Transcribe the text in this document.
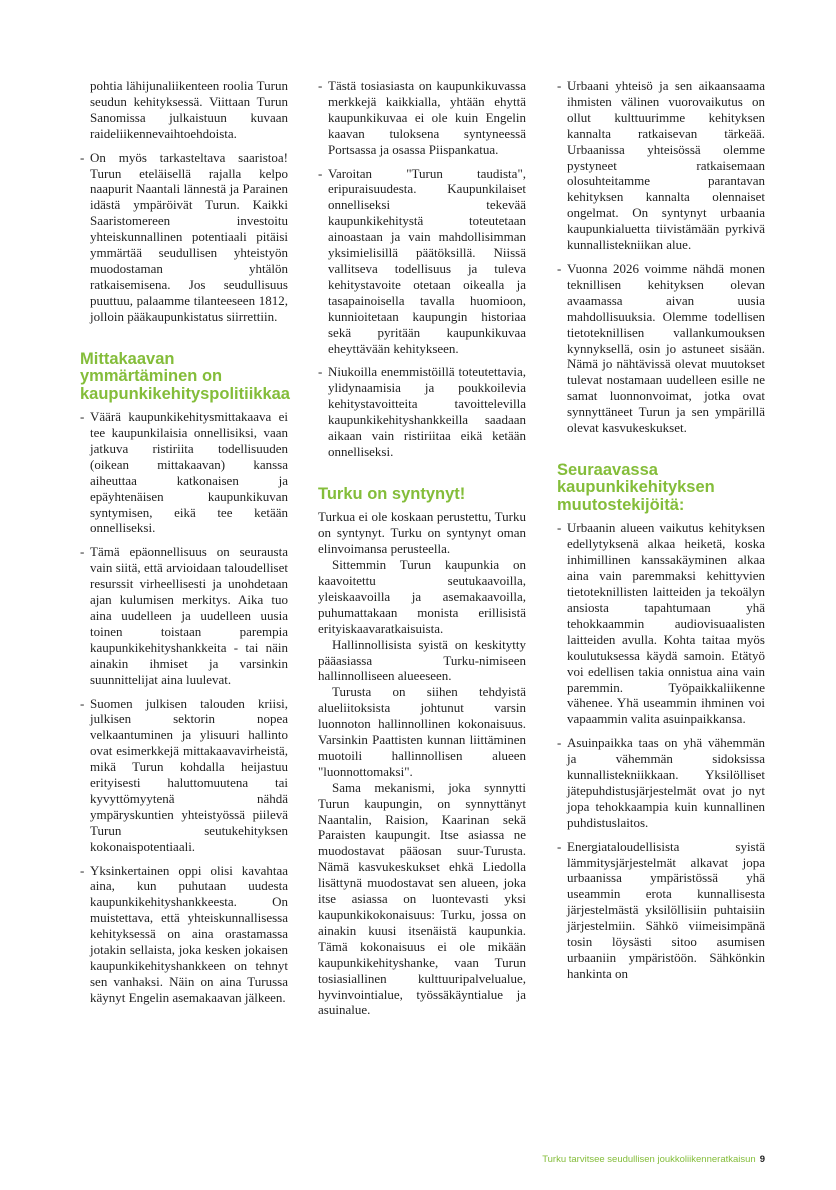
pohtia lähijunaliikenteen roolia Turun seudun kehityksessä. Viittaan Turun Sanomissa julkaistuun kuvaan raideliikennevaihtoehdoista.

- On myös tarkasteltava saaristoa! Turun eteläisellä rajalla kelpo naapurit Naantali lännestä ja Parainen idästä ympäröivät Turun. Kaikki Saaristomereen investoitu yhteiskunnallinen potentiaali pitäisi ymmärtää seudullisen yhteistyön muodostaman yhtälön ratkaisemisena. Jos seudullisuus puuttuu, palaamme tilanteeseen 1812, jolloin pääkaupunkistatus siirrettiin.
Mittakaavan ymmärtäminen on kaupunkikehityspolitiikkaa
- Väärä kaupunkikehitysmittakaava ei tee kaupunkilaisia onnellisiksi, vaan jatkuva ristiriita todellisuuden (oikean mittakaavan) kanssa aiheuttaa katkonaisen ja epäyhtenäisen kaupunkikuvan syntymisen, eikä tee ketään onnelliseksi.
- Tämä epäonnellisuus on seurausta vain siitä, että arvioidaan taloudelliset resurssit virheellisesti ja unohdetaan ajan kulumisen merkitys. Aika tuo aina uudelleen ja uudelleen uusia toinen toistaan parempia kaupunkikehityshankkeita - tai näin ainakin ihmiset ja varsinkin suunnittelijat aina luulevat.
- Suomen julkisen talouden kriisi, julkisen sektorin nopea velkaantuminen ja ylisuuri hallinto ovat esimerkkejä mittakaavavirheistä, mikä Turun kohdalla heijastuu erityisesti haluttomuutena tai kyvyttömyytenä nähdä ympäryskuntien yhteistyössä piilevä Turun seutukehityksen kokonaispotentiaali.
- Yksinkertainen oppi olisi kavahtaa aina, kun puhutaan uudesta kaupunkikehityshankkeesta. On muistettava, että yhteiskunnallisessa kehityksessä on aina orastamassa jotakin sellaista, joka kesken jokaisen kaupunkikehityshankkeen on tehnyt sen vanhaksi. Näin on aina Turussa käynyt Engelin asemakaavan jälkeen.
- Tästä tosiasiasta on kaupunkikuvassa merkkejä kaikkialla, yhtään ehyttä kaupunkikuvaa ei ole kuin Engelin kaavan tuloksena syntyneessä Portsassa ja osassa Piispankatua.
- Varoitan "Turun taudista", eripuraisuudesta. Kaupunkilaiset onnelliseksi tekevää kaupunkikehitystä toteutetaan ainoastaan ja vain mahdollisimman yksimielisillä päätöksillä. Niissä vallitseva todellisuus ja tuleva kehitystavoite otetaan oikealla ja tasapainoisella tavalla huomioon, kunnioitetaan kaupungin historiaa sekä pyritään kaupunkikuvaa eheyttävään kehitykseen.
- Niukoilla enemmistöillä toteutettavia, ylidynaamisia ja poukkoilevia kehitystavoitteita tavoittelevilla kaupunkikehityshankkeilla saadaan aikaan vain ristiriitaa eikä ketään onnelliseksi.
Turku on syntynyt!

Turkua ei ole koskaan perustettu, Turku on syntynyt. Turku on syntynyt oman elinvoimansa perusteella.

Sittemmin Turun kaupunkia on kaavoitettu seutukaavoilla, yleiskaavoilla ja asemakaavoilla, puhumattakaan monista erillisistä erityiskaavaratkaisuista.

Hallinnollisista syistä on keskitytty pääasiassa Turku-nimiseen hallinnolliseen alueeseen.

Turusta on siihen tehdyistä alueliitoksista johtunut varsin luonnoton hallinnollinen kokonaisuus. Varsinkin Paattisten kunnan liittäminen muotoili hallinnollisen alueen "luonnottomaksi".

Sama mekanismi, joka synnytti Turun kaupungin, on synnyttänyt Naantalin, Raision, Kaarinan sekä Paraisten kaupungit. Itse asiassa ne muodostavat pääosan suur-Turusta. Nämä kasvukeskukset ehkä Liedolla lisättynä muodostavat sen alueen, joka itse asiassa on luontevasti yksi kaupunkikokonaisuus: Turku, jossa on ainakin kuusi itsenäistä kaupunkia. Tämä kokonaisuus ei ole mikään kaupunkikehityshanke, vaan Turun tosiasiallinen kulttuuripalvelualue, hyvinvointialue, työssäkäyntialue ja asuinalue.

- Urbaani yhteisö ja sen aikaansaama ihmisten välinen vuorovaikutus on ollut kulttuurimme kehityksen kannalta ratkaisevan tärkeää. Urbaanissa yhteisössä olemme pystyneet ratkaisemaan olosuhteitamme parantavan kehityksen kannalta olennaiset ongelmat. On syntynyt urbaania kaupunkialuetta tiivistämään pyrkivä kunnallistekniikan alue.
- Vuonna 2026 voimme nähdä monen teknillisen kehityksen olevan avaamassa aivan uusia mahdollisuuksia. Olemme todellisen tietoteknillisen vallankumouksen kynnyksellä, osin jo astuneet sisään. Nämä jo nähtävissä olevat muutokset tulevat nostamaan uudelleen esille ne samat luonnonvoimat, jotka ovat synnyttäneet Turun ja sen ympärillä olevat kasvukeskukset.
Seuraavassa kaupunkikehityksen muutostekijöitä:
- Urbaanin alueen vaikutus kehityksen edellytyksenä alkaa heiketä, koska inhimillinen kanssakäyminen alkaa aina vain paremmaksi kehittyvien tietoteknillisten laitteiden ja tekoälyn ansiosta tapahtumaan yhä tehokkaammin audiovisuaalisten laitteiden avulla. Kohta taitaa myös koulutuksessa käydä samoin. Etätyö voi edellisen takia onnistua aina vain paremmin. Työpaikkaliikenne vähenee. Yhä useammin ihminen voi vapaammin valita asuinpaikkansa.
- Asuinpaikka taas on yhä vähemmän ja vähemmän sidoksissa kunnallistekniikkaan. Yksilölliset jätepuhdistusjärjestelmät ovat jo nyt jopa tehokkaampia kuin kunnallinen puhdistuslaitos.
- Energiataloudellisista syistä lämmitysjärjestelmät alkavat jopa urbaanissa ympäristössä yhä useammin erota kunnallisesta järjestelmästä yksilöllisiin puhtaisiin järjestelmiin. Sähkö viimeisimpänä tosin löysästi sitoo asumisen urbaaniin ympäristöön. Sähkönkin hankinta on
Turku tarvitsee seudullisen joukkoliikenneratkaisun 9
